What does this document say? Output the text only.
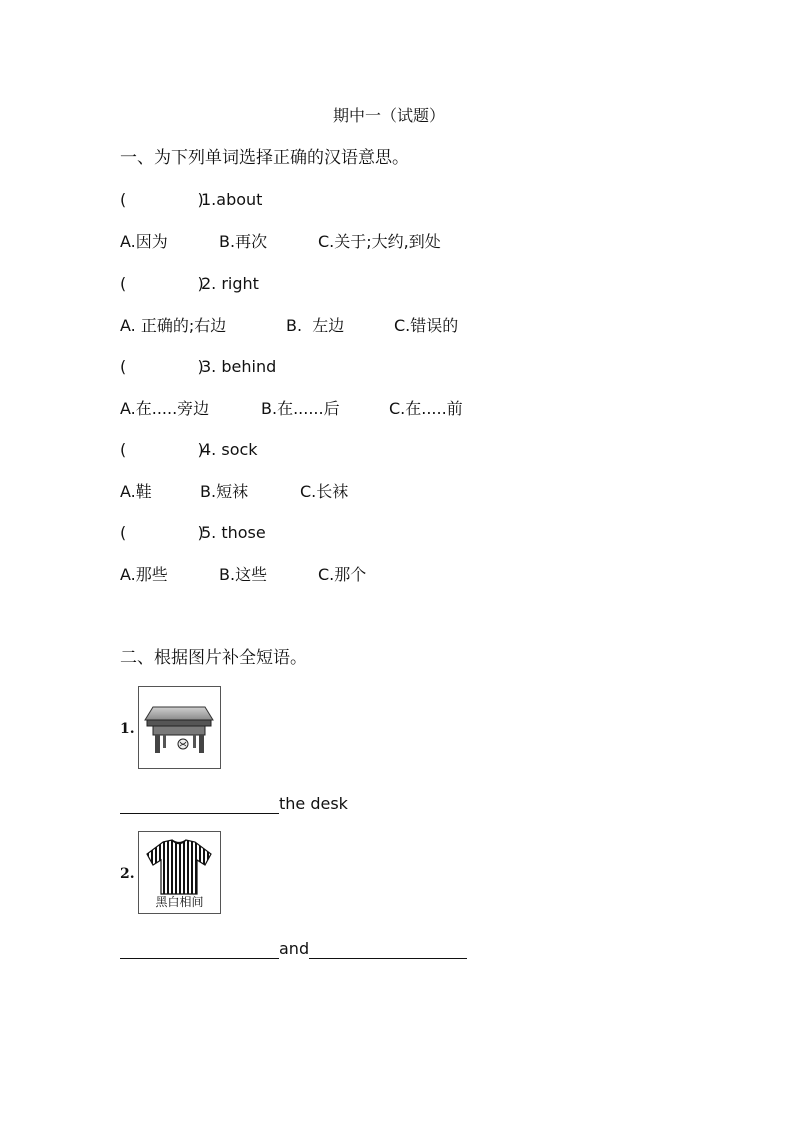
期中一（试题）
一、为下列单词选择正确的汉语意思。
(              )
1.about
A.因为	B.再次	C.关于;大约,到处
(              )
2. right
A. 正确的;右边	B.  左边	C.错误的
(              )
3. behind
A.在.....旁边	B.在......后	C.在.....前
(              )
4. sock
A.鞋	B.短袜	C.长袜
(              )
5. those
A.那些	B.这些	C.那个
二、根据图片补全短语。
1.
the desk
2.
黑白相间
and
